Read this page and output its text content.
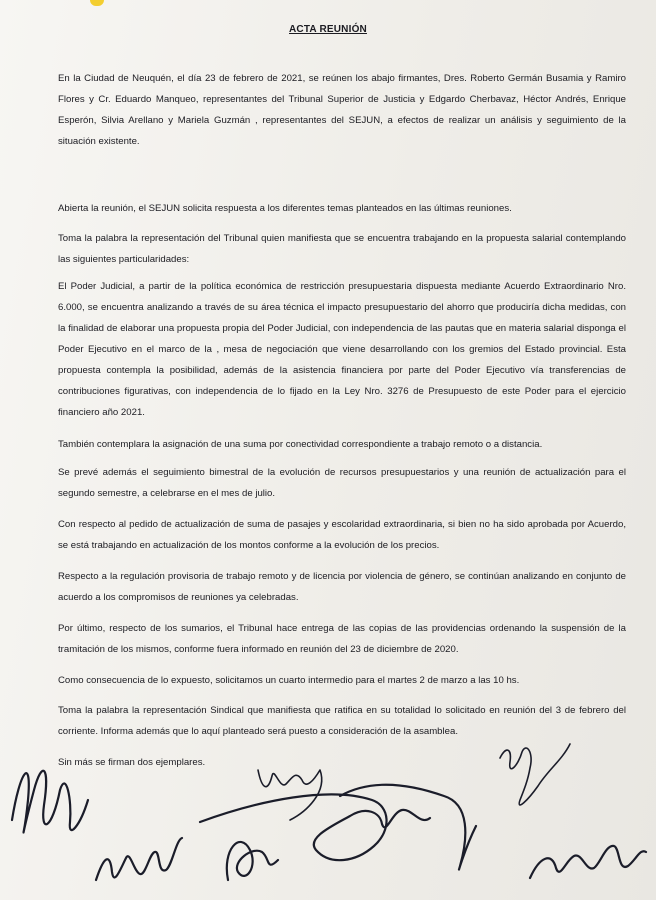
ACTA REUNIÓN
En la Ciudad de Neuquén, el día 23 de febrero de 2021, se reúnen los abajo firmantes, Dres. Roberto Germán Busamia y Ramiro Flores y Cr. Eduardo Manqueo, representantes del Tribunal Superior de Justicia y Edgardo Cherbavaz, Héctor Andrés, Enrique Esperón, Silvia Arellano y Mariela Guzmán , representantes del SEJUN, a efectos de realizar un análisis y seguimiento de la situación existente.
Abierta la reunión, el SEJUN solicita respuesta a los diferentes temas planteados en las últimas reuniones.
Toma la palabra la representación del Tribunal quien manifiesta que se encuentra trabajando en la propuesta salarial contemplando las siguientes particularidades:
El Poder Judicial, a partir de la política económica de restricción presupuestaria dispuesta mediante Acuerdo Extraordinario Nro. 6.000, se encuentra analizando a través de su área técnica el impacto presupuestario del ahorro que produciría dicha medidas, con la finalidad de elaborar una propuesta propia del Poder Judicial, con independencia de las pautas que en materia salarial disponga el Poder Ejecutivo en el marco de la , mesa de negociación que viene desarrollando con los gremios del Estado provincial. Esta propuesta contempla la posibilidad, además de la asistencia financiera por parte del Poder Ejecutivo vía transferencias de contribuciones figurativas, con independencia de lo fijado en la Ley Nro. 3276 de Presupuesto de este Poder para el ejercicio financiero año 2021.
También contemplara la asignación de una suma por conectividad correspondiente a trabajo remoto o a distancia.
Se prevé además el seguimiento bimestral de la evolución de recursos presupuestarios y una reunión de actualización para el segundo semestre, a celebrarse en el mes de julio.
Con respecto al pedido de actualización de suma de pasajes y escolaridad extraordinaria, si bien no ha sido aprobada por Acuerdo, se está trabajando en actualización de los montos conforme a la evolución de los precios.
Respecto a la regulación provisoria de trabajo remoto y de licencia por violencia de género, se continúan analizando en conjunto de acuerdo a los compromisos de reuniones ya celebradas.
Por último, respecto de los sumarios, el Tribunal hace entrega de las copias de las providencias ordenando la suspensión de la tramitación de los mismos, conforme fuera informado en reunión del 23 de diciembre de 2020.
Como consecuencia de lo expuesto, solicitamos un cuarto intermedio para el martes 2 de marzo a las 10 hs.
Toma la palabra la representación Sindical que manifiesta que ratifica en su totalidad lo solicitado en reunión del 3 de febrero del corriente. Informa además que lo aquí planteado será puesto a consideración de la asamblea.
Sin más se firman dos ejemplares.
